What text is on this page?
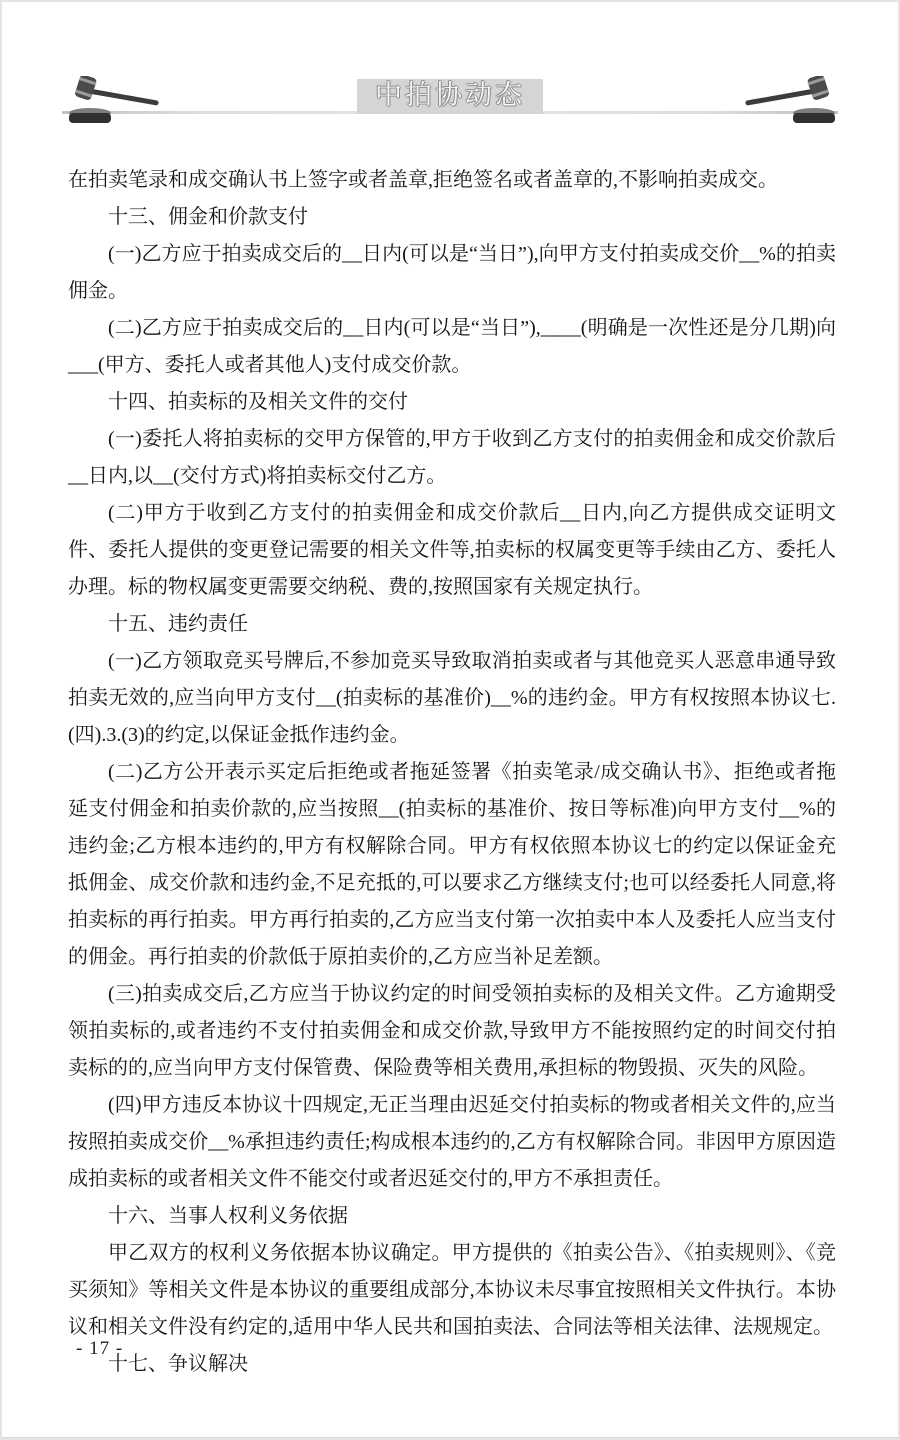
中拍协动态

在拍卖笔录和成交确认书上签字或者盖章,拒绝签名或者盖章的,不影响拍卖成交。

十三、佣金和价款支付

(一)乙方应于拍卖成交后的__日内(可以是“当日”),向甲方支付拍卖成交价__%的拍卖佣金。

(二)乙方应于拍卖成交后的__日内(可以是“当日”),____(明确是一次性还是分几期)向___(甲方、委托人或者其他人)支付成交价款。

十四、拍卖标的及相关文件的交付

(一)委托人将拍卖标的交甲方保管的,甲方于收到乙方支付的拍卖佣金和成交价款后__日内,以__(交付方式)将拍卖标交付乙方。

(二)甲方于收到乙方支付的拍卖佣金和成交价款后__日内,向乙方提供成交证明文件、委托人提供的变更登记需要的相关文件等,拍卖标的权属变更等手续由乙方、委托人办理。标的物权属变更需要交纳税、费的,按照国家有关规定执行。

十五、违约责任

(一)乙方领取竞买号牌后,不参加竞买导致取消拍卖或者与其他竞买人恶意串通导致拍卖无效的,应当向甲方支付__(拍卖标的基准价)__%的违约金。甲方有权按照本协议七.(四).3.(3)的约定,以保证金抵作违约金。

(二)乙方公开表示买定后拒绝或者拖延签署《拍卖笔录/成交确认书》、拒绝或者拖延支付佣金和拍卖价款的,应当按照__(拍卖标的基准价、按日等标准)向甲方支付__%的违约金;乙方根本违约的,甲方有权解除合同。甲方有权依照本协议七的约定以保证金充抵佣金、成交价款和违约金,不足充抵的,可以要求乙方继续支付;也可以经委托人同意,将拍卖标的再行拍卖。甲方再行拍卖的,乙方应当支付第一次拍卖中本人及委托人应当支付的佣金。再行拍卖的价款低于原拍卖价的,乙方应当补足差额。

(三)拍卖成交后,乙方应当于协议约定的时间受领拍卖标的及相关文件。乙方逾期受领拍卖标的,或者违约不支付拍卖佣金和成交价款,导致甲方不能按照约定的时间交付拍卖标的的,应当向甲方支付保管费、保险费等相关费用,承担标的物毁损、灭失的风险。

(四)甲方违反本协议十四规定,无正当理由迟延交付拍卖标的物或者相关文件的,应当按照拍卖成交价__%承担违约责任;构成根本违约的,乙方有权解除合同。非因甲方原因造成拍卖标的或者相关文件不能交付或者迟延交付的,甲方不承担责任。

十六、当事人权利义务依据

甲乙双方的权利义务依据本协议确定。甲方提供的《拍卖公告》、《拍卖规则》、《竞买须知》等相关文件是本协议的重要组成部分,本协议未尽事宜按照相关文件执行。本协议和相关文件没有约定的,适用中华人民共和国拍卖法、合同法等相关法律、法规规定。

十七、争议解决

- 17 -
